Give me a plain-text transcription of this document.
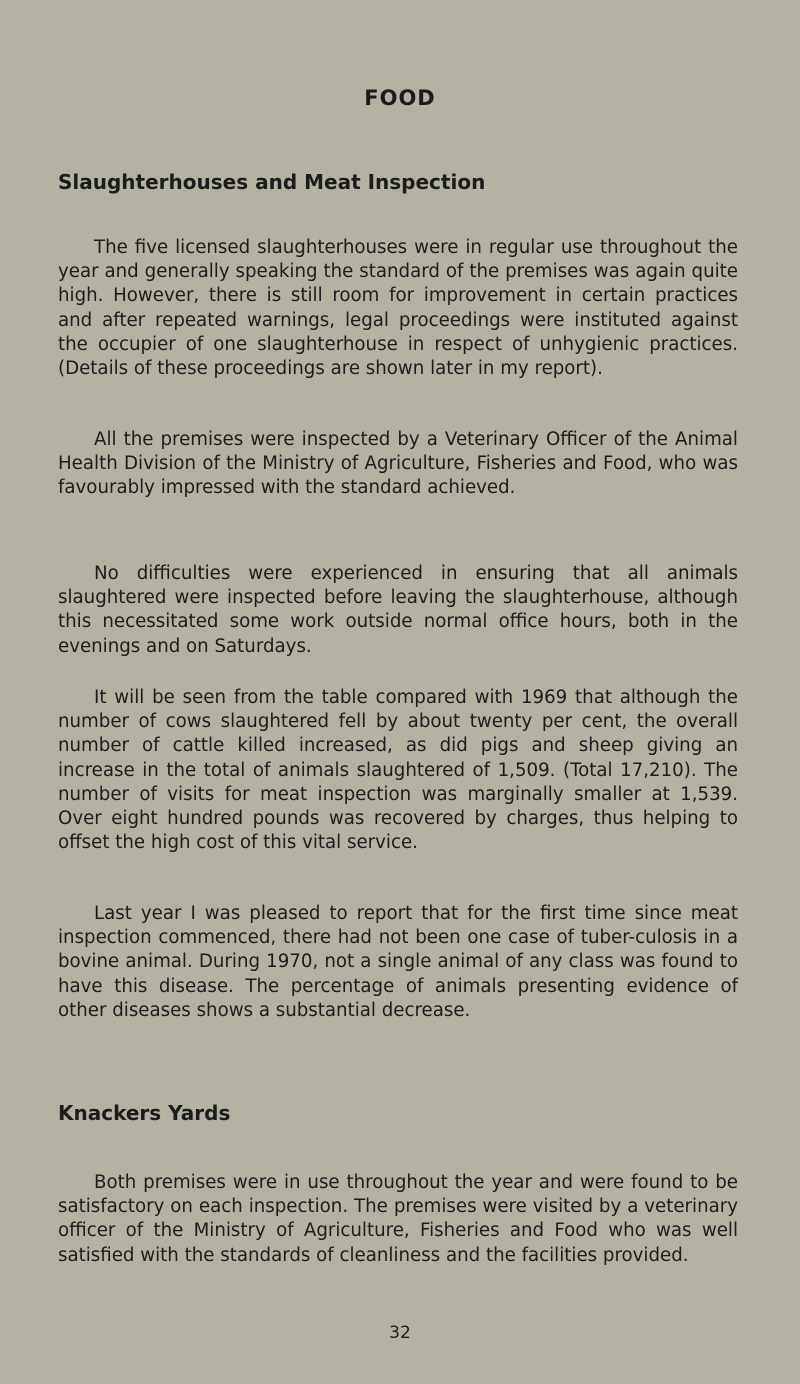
FOOD
Slaughterhouses and Meat Inspection

The five licensed slaughterhouses were in regular use throughout the year and generally speaking the standard of the premises was again quite high. However, there is still room for improvement in certain practices and after repeated warnings, legal proceedings were instituted against the occupier of one slaughterhouse in respect of unhygienic practices. (Details of these proceedings are shown later in my report).

All the premises were inspected by a Veterinary Officer of the Animal Health Division of the Ministry of Agriculture, Fisheries and Food, who was favourably impressed with the standard achieved.

No difficulties were experienced in ensuring that all animals slaughtered were inspected before leaving the slaughterhouse, although this necessitated some work outside normal office hours, both in the evenings and on Saturdays.

It will be seen from the table compared with 1969 that although the number of cows slaughtered fell by about twenty per cent, the overall number of cattle killed increased, as did pigs and sheep giving an increase in the total of animals slaughtered of 1,509. (Total 17,210). The number of visits for meat inspection was marginally smaller at 1,539. Over eight hundred pounds was recovered by charges, thus helping to offset the high cost of this vital service.

Last year I was pleased to report that for the first time since meat inspection commenced, there had not been one case of tuber-culosis in a bovine animal. During 1970, not a single animal of any class was found to have this disease. The percentage of animals presenting evidence of other diseases shows a substantial decrease.

Knackers Yards

Both premises were in use throughout the year and were found to be satisfactory on each inspection. The premises were visited by a veterinary officer of the Ministry of Agriculture, Fisheries and Food who was well satisfied with the standards of cleanliness and the facilities provided.

32
